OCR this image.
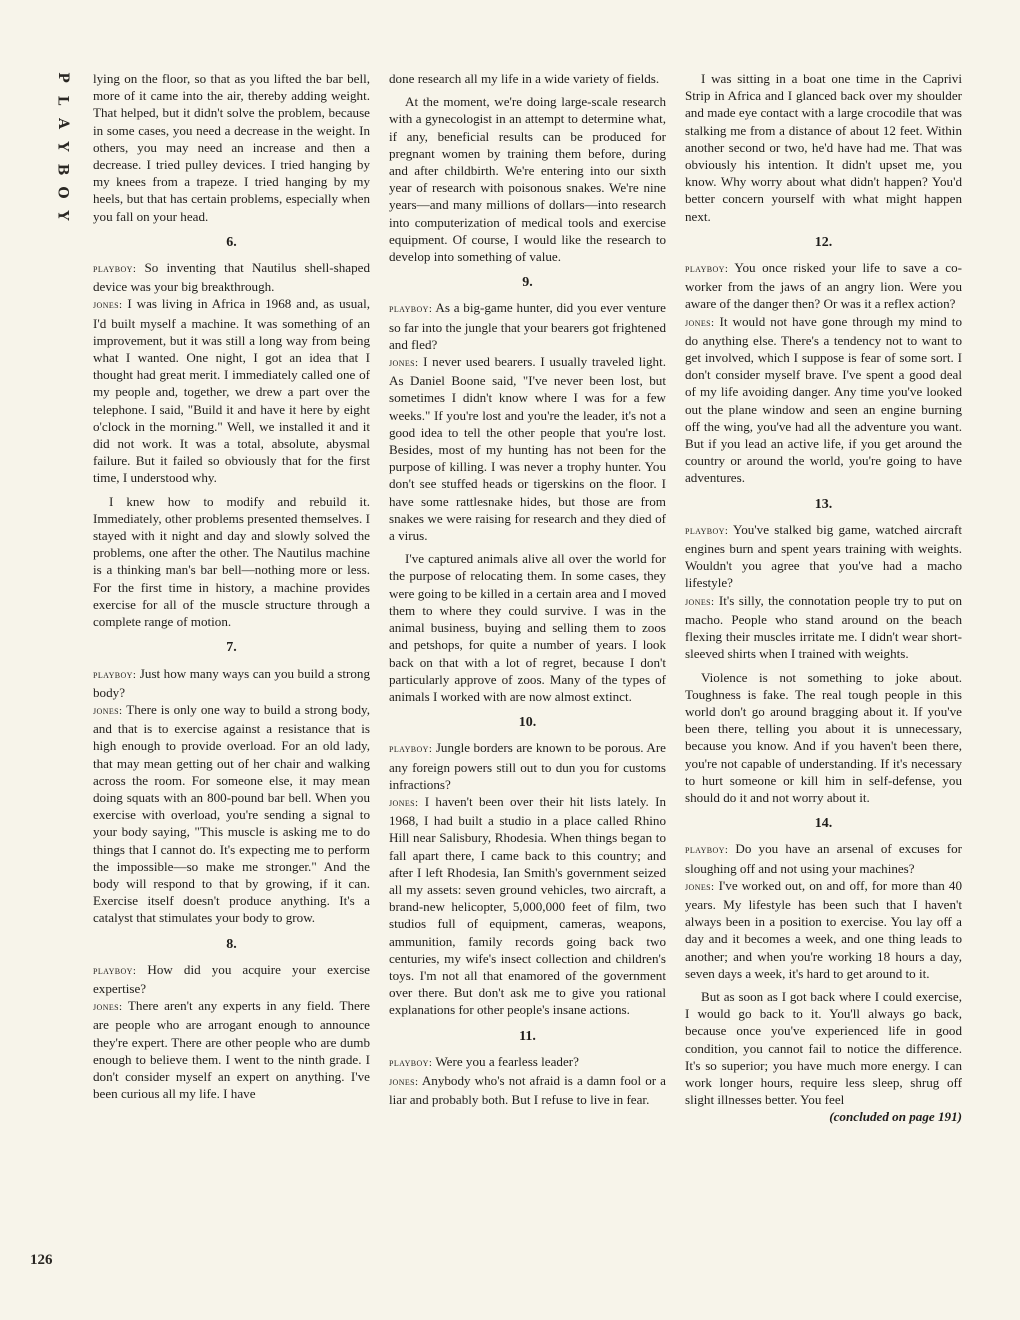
P
L
A
Y
B
O
Y
126

lying on the floor, so that as you lifted the bar bell, more of it came into the air, thereby adding weight. That helped, but it didn't solve the problem, because in some cases, you need a decrease in the weight. In others, you may need an increase and then a decrease. I tried pulley devices. I tried hanging by my knees from a trapeze. I tried hanging by my heels, but that has certain problems, especially when you fall on your head.

6.

playboy: So inventing that Nautilus shell-shaped device was your big breakthrough.

jones: I was living in Africa in 1968 and, as usual, I'd built myself a machine. It was something of an improvement, but it was still a long way from being what I wanted. One night, I got an idea that I thought had great merit. I immediately called one of my people and, together, we drew a part over the telephone. I said, "Build it and have it here by eight o'clock in the morning." Well, we installed it and it did not work. It was a total, absolute, abysmal failure. But it failed so obviously that for the first time, I understood why.

I knew how to modify and rebuild it. Immediately, other problems presented themselves. I stayed with it night and day and slowly solved the problems, one after the other. The Nautilus machine is a thinking man's bar bell—nothing more or less. For the first time in history, a machine provides exercise for all of the muscle structure through a complete range of motion.

7.

playboy: Just how many ways can you build a strong body?

jones: There is only one way to build a strong body, and that is to exercise against a resistance that is high enough to provide overload. For an old lady, that may mean getting out of her chair and walking across the room. For someone else, it may mean doing squats with an 800-pound bar bell. When you exercise with overload, you're sending a signal to your body saying, "This muscle is asking me to do things that I cannot do. It's expecting me to perform the impossible—so make me stronger." And the body will respond to that by growing, if it can. Exercise itself doesn't produce anything. It's a catalyst that stimulates your body to grow.

8.

playboy: How did you acquire your exercise expertise?

jones: There aren't any experts in any field. There are people who are arrogant enough to announce they're expert. There are other people who are dumb enough to believe them. I went to the ninth grade. I don't consider myself an expert on anything. I've been curious all my life. I have

done research all my life in a wide variety of fields.

At the moment, we're doing large-scale research with a gynecologist in an attempt to determine what, if any, beneficial results can be produced for pregnant women by training them before, during and after childbirth. We're entering into our sixth year of research with poisonous snakes. We're nine years—and many millions of dollars—into research into computerization of medical tools and exercise equipment. Of course, I would like the research to develop into something of value.

9.

playboy: As a big-game hunter, did you ever venture so far into the jungle that your bearers got frightened and fled?

jones: I never used bearers. I usually traveled light. As Daniel Boone said, "I've never been lost, but sometimes I didn't know where I was for a few weeks." If you're lost and you're the leader, it's not a good idea to tell the other people that you're lost. Besides, most of my hunting has not been for the purpose of killing. I was never a trophy hunter. You don't see stuffed heads or tigerskins on the floor. I have some rattlesnake hides, but those are from snakes we were raising for research and they died of a virus.

I've captured animals alive all over the world for the purpose of relocating them. In some cases, they were going to be killed in a certain area and I moved them to where they could survive. I was in the animal business, buying and selling them to zoos and petshops, for quite a number of years. I look back on that with a lot of regret, because I don't particularly approve of zoos. Many of the types of animals I worked with are now almost extinct.

10.

playboy: Jungle borders are known to be porous. Are any foreign powers still out to dun you for customs infractions?

jones: I haven't been over their hit lists lately. In 1968, I had built a studio in a place called Rhino Hill near Salisbury, Rhodesia. When things began to fall apart there, I came back to this country; and after I left Rhodesia, Ian Smith's government seized all my assets: seven ground vehicles, two aircraft, a brand-new helicopter, 5,000,000 feet of film, two studios full of equipment, cameras, weapons, ammunition, family records going back two centuries, my wife's insect collection and children's toys. I'm not all that enamored of the government over there. But don't ask me to give you rational explanations for other people's insane actions.

11.

playboy: Were you a fearless leader?

jones: Anybody who's not afraid is a damn fool or a liar and probably both. But I refuse to live in fear.

I was sitting in a boat one time in the Caprivi Strip in Africa and I glanced back over my shoulder and made eye contact with a large crocodile that was stalking me from a distance of about 12 feet. Within another second or two, he'd have had me. That was obviously his intention. It didn't upset me, you know. Why worry about what didn't happen? You'd better concern yourself with what might happen next.

12.

playboy: You once risked your life to save a co-worker from the jaws of an angry lion. Were you aware of the danger then? Or was it a reflex action?

jones: It would not have gone through my mind to do anything else. There's a tendency not to want to get involved, which I suppose is fear of some sort. I don't consider myself brave. I've spent a good deal of my life avoiding danger. Any time you've looked out the plane window and seen an engine burning off the wing, you've had all the adventure you want. But if you lead an active life, if you get around the country or around the world, you're going to have adventures.

13.

playboy: You've stalked big game, watched aircraft engines burn and spent years training with weights. Wouldn't you agree that you've had a macho lifestyle?

jones: It's silly, the connotation people try to put on macho. People who stand around on the beach flexing their muscles irritate me. I didn't wear short-sleeved shirts when I trained with weights.

Violence is not something to joke about. Toughness is fake. The real tough people in this world don't go around bragging about it. If you've been there, telling you about it is unnecessary, because you know. And if you haven't been there, you're not capable of understanding. If it's necessary to hurt someone or kill him in self-defense, you should do it and not worry about it.

14.

playboy: Do you have an arsenal of excuses for sloughing off and not using your machines?

jones: I've worked out, on and off, for more than 40 years. My lifestyle has been such that I haven't always been in a position to exercise. You lay off a day and it becomes a week, and one thing leads to another; and when you're working 18 hours a day, seven days a week, it's hard to get around to it.

But as soon as I got back where I could exercise, I would go back to it. You'll always go back, because once you've experienced life in good condition, you cannot fail to notice the difference. It's so superior; you have much more energy. I can work longer hours, require less sleep, shrug off slight illnesses better. You feel

(concluded on page 191)
